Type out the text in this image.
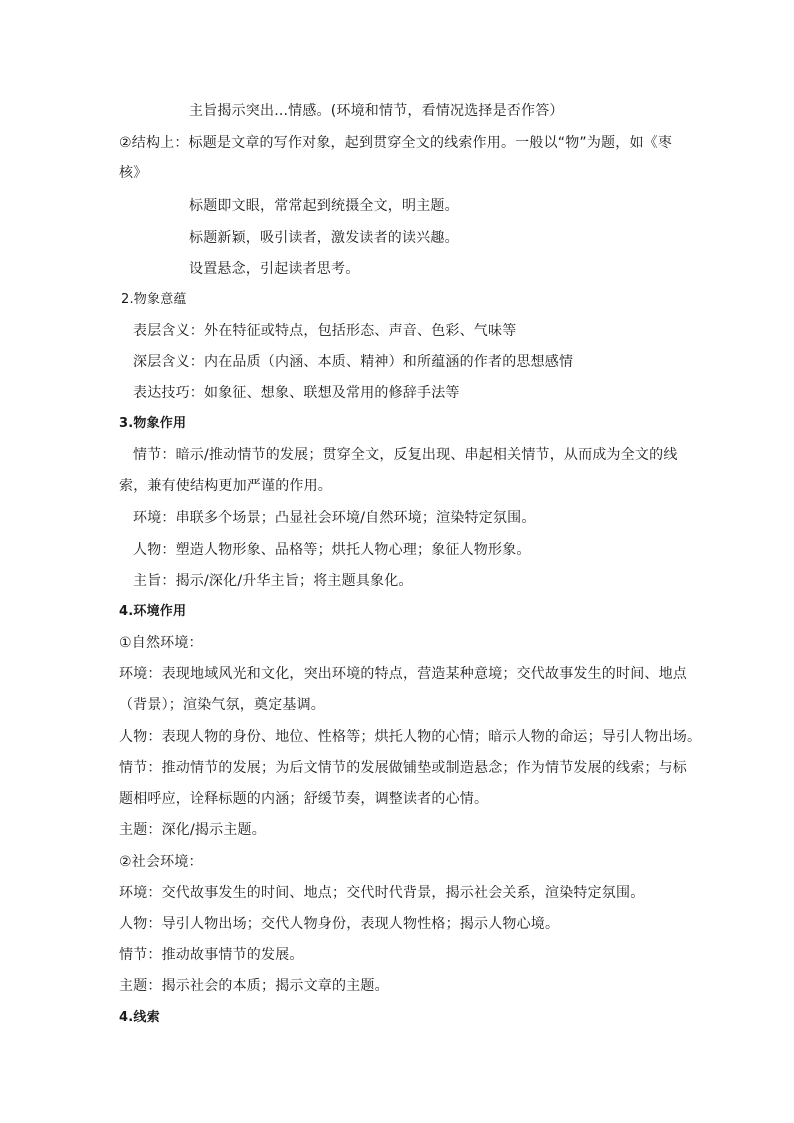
主旨揭示突出...情感。(环境和情节，看情况选择是否作答）
②结构上：标题是文章的写作对象，起到贯穿全文的线索作用。一般以“物”为题，如《枣
核》
标题即文眼，常常起到统摄全文，明主题。
标题新颖，吸引读者，激发读者的读兴趣。
设置悬念，引起读者思考。
2.物象意蕴
表层含义：外在特征或特点，包括形态、声音、色彩、气味等
深层含义：内在品质（内涵、本质、精神）和所蕴涵的作者的思想感情
表达技巧：如象征、想象、联想及常用的修辞手法等
3.物象作用
情节：暗示/推动情节的发展；贯穿全文，反复出现、串起相关情节，从而成为全文的线
索，兼有使结构更加严谨的作用。
环境：串联多个场景；凸显社会环境/自然环境；渲染特定氛围。
人物：塑造人物形象、品格等；烘托人物心理；象征人物形象。
主旨：揭示/深化/升华主旨；将主题具象化。
4.环境作用
①自然环境：
环境：表现地域风光和文化，突出环境的特点，营造某种意境；交代故事发生的时间、地点
（背景）；渲染气氛，奠定基调。
人物：表现人物的身份、地位、性格等；烘托人物的心情；暗示人物的命运；导引人物出场。
情节：推动情节的发展；为后文情节的发展做铺垫或制造悬念；作为情节发展的线索；与标
题相呼应，诠释标题的内涵；舒缓节奏，调整读者的心情。
主题：深化/揭示主题。
②社会环境：
环境：交代故事发生的时间、地点；交代时代背景，揭示社会关系，渲染特定氛围。
人物：导引人物出场；交代人物身份，表现人物性格；揭示人物心境。
情节：推动故事情节的发展。
主题：揭示社会的本质；揭示文章的主题。
4.线索
